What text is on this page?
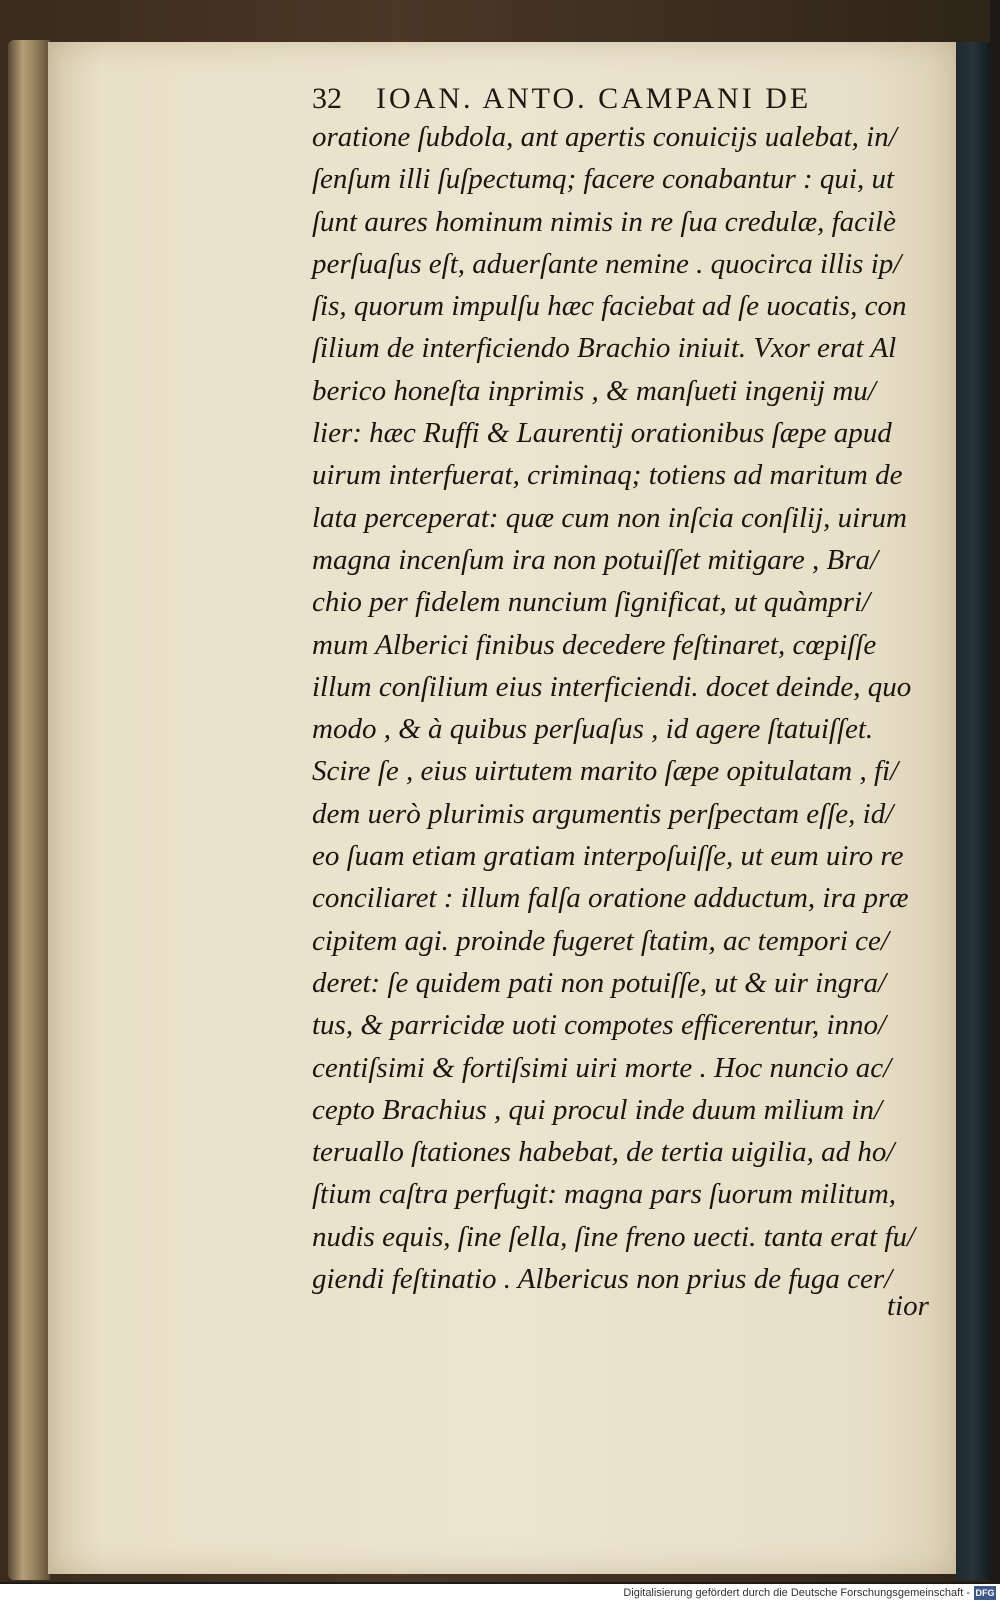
32 IOAN. ANTO. CAMPANI DE
oratione ſubdola, ant apertis conuicijs ualebat, in/
ſenſum illi ſuſpectumq; facere conabantur : qui, ut
ſunt aures hominum nimis in re ſua credulæ, facilè
perſuaſus eſt, aduerſante nemine . quocirca illis ip/
ſis, quorum impulſu hæc faciebat ad ſe uocatis, con
ſilium de interficiendo Brachio iniuit. Vxor erat Al
berico honeſta inprimis , & manſueti ingenij mu/
lier: hæc Ruffi & Laurentij orationibus ſæpe apud
uirum interfuerat, criminaq; totiens ad maritum de
lata perceperat: quæ cum non inſcia conſilij, uirum
magna incenſum ira non potuiſſet mitigare , Bra/
chio per fidelem nuncium ſignificat, ut quàmpri/
mum Alberici finibus decedere feſtinaret, cœpiſſe
illum conſilium eius interficiendi. docet deinde, quo
modo , & à quibus perſuaſus , id agere ſtatuiſſet.
Scire ſe , eius uirtutem marito ſæpe opitulatam , fi/
dem uerò plurimis argumentis perſpectam eſſe, id/
eo ſuam etiam gratiam interpoſuiſſe, ut eum uiro re
conciliaret : illum falſa oratione adductum, ira præ
cipitem agi. proinde fugeret ſtatim, ac tempori ce/
deret: ſe quidem pati non potuiſſe, ut & uir ingra/
tus, & parricidæ uoti compotes efficerentur, inno/
centiſsimi & fortiſsimi uiri morte . Hoc nuncio ac/
cepto Brachius , qui procul inde duum milium in/
teruallo ſtationes habebat, de tertia uigilia, ad ho/
ſtium caſtra perfugit: magna pars ſuorum militum,
nudis equis, ſine ſella, ſine freno uecti. tanta erat fu/
giendi feſtinatio . Albericus non prius de fuga cer/
tior
Digitalisierung gefördert durch die Deutsche Forschungsgemeinschaft - DFG
